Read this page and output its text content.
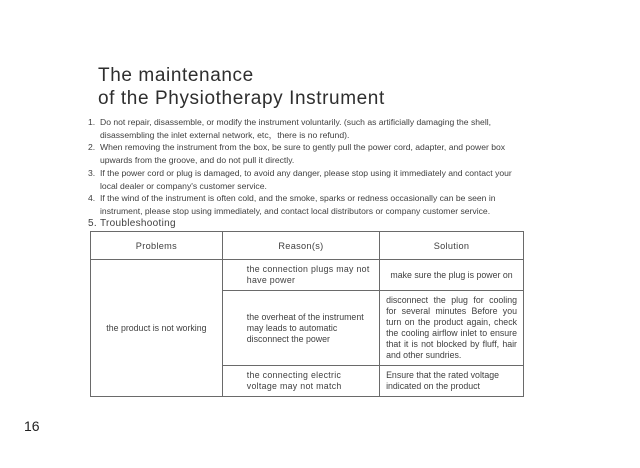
The maintenance
of the Physiotherapy Instrument
1. Do not repair, disassemble, or modify the instrument voluntarily. (such as artificially damaging the shell, disassembling the inlet external network, etc，there is no refund).
2. When removing the instrument from the box, be sure to gently pull the power cord, adapter, and power box upwards from the groove, and do not pull it directly.
3. If the power cord or plug is damaged, to avoid any danger, please stop using it immediately and contact your local dealer or company's customer service.
4. If the wind of the instrument is often cold, and the smoke, sparks or redness occasionally can be seen in instrument, please stop using immediately, and contact local distributors or company customer service.
5. Troubleshooting
Problems	Reason(s)	Solution
the product is not working	the connection plugs may not have power	make sure the plug is power on
	the overheat of the instrument may leads to automatic disconnect the power	disconnect the plug for cooling for several minutes Before you turn on the product again, check the cooling airflow inlet to ensure that it is not blocked by fluff, hair and other sundries.
	the connecting electric voltage may not match	Ensure that the rated voltage indicated on the product
16
